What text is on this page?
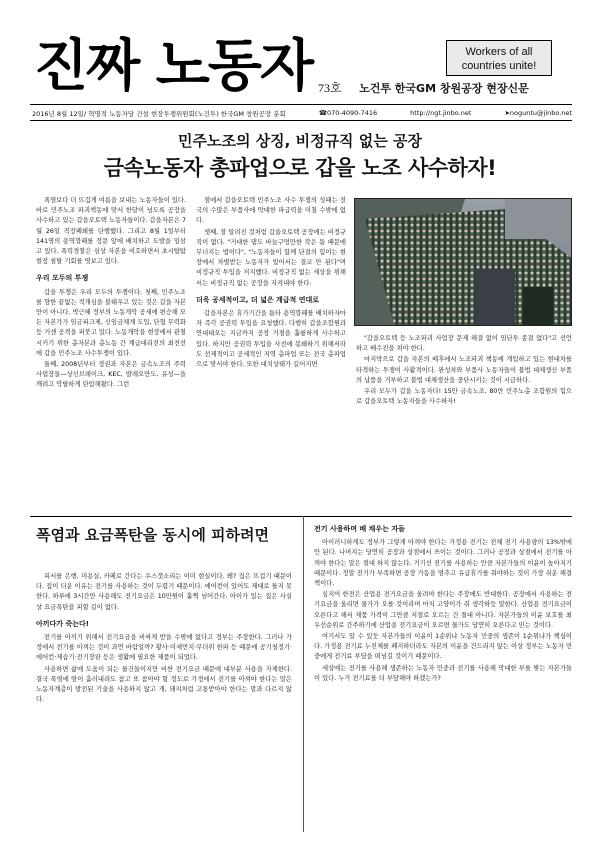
진짜 노동자	Workers of all
countries unite!
73호 노건투 한국GM 창원공장 현장신문
2016년 8월 12일/ 혁명적 노동자당 건설 현장투쟁위원회(노건투) 한국GM 창원공장 분회	☎070-4090-7416	http://ngt.jinbo.net	➤noguntu@jinbo.net
민주노조의 상징, 비정규직 없는 공장
금속노동자 총파업으로 갑을 노조 사수하자!

폭염보다 더 뜨겁게 여름을 보내는 노동자들이 있다. 바로 민주노조 파괴책동에 맞서 한달이 넘도록 공장을 사수하고 있는 갑을오토텍 노동자들이다. 갑을자본은 7월 26일 직장폐쇄를 단행했다. 그리고 8월 1일부터 141명의 용역깡패를 정문 앞에 배치하고 도발을 일삼고 있다. 폭력경찰은 심상 자본을 비호하면서 초시탑탐 현장 침탈 기회를 엿보고 있다.

우리 모두의 투쟁

갑을 투쟁은 우리 모두의 투쟁이다. 첫째, 민주노조를 향한 끝없는 적개심을 불태우고 있는 것은 갑을 자본만이 아니다. 박근혜 정부의 노동개악 공세에 편승해 모든 자본가가 임금피크제, 신임금체계 도입, 단협 무력화 등 거센 공격을 퍼붓고 있다. 노동개악을 현장에서 관철시키기 위한 총자본과 총노동 간 계급대리전의 최전선에 갑을 민주노조 사수투쟁이 있다.

둘째, 2008년부터 정권과 자본은 금속노조의 주력 사업장들—상신브레이크, KEC, 발레오만도, 유성—을 깨려고 악랄하게 탄압해왔다. 그런

점에서 갑을오토텍 민주노조 사수 투쟁의 성패는 전국의 수많은 부품사에 막대한 파급력을 미칠 수밖에 없다.

셋째, 잘 알려진 것처럼 갑을오토텍 공장에는 비정규직이 없다. "거대한 댐도 바늘구멍만한 작은 틈 때문에 무너지는 법이다", "노동자들이 함께 단결의 힘이는 현장에서 차별받는 노동자가 있어서는 결코 안 된다"며 비정규직 투입을 저지했다. 비정규직 없는 세상을 위해서는 비정규직 없는 공장을 지켜내야 한다.

더욱 공세적이고, 더 넓은 계급적 연대로

갑을자본은 휴가기간을 틈타 용역깡패를 배치하자마자 즉각 공권력 투입을 요청했다. 다행히 갑을조합원과 연대대오는 지금까지 공장 거점을 훌륭하게 사수하고 있다. 하지만 공권력 투입을 사전에 봉쇄하기 위해서라도 선제적이고 공세적인 지역 총파업 또는 전국 총파업으로 맞서야 한다. 또한 대치상태가 길어지면

"갑을오토텍 등 노조파괴 사업장 문제 해결 없이 임단투 종결 없다"고 선언하고 배수진을 쳐야 한다.

마지막으로 갑을 자본의 배후에서 노조파괴 책동에 개입하고 있는 현대차를 타격하는 투쟁이 사활적이다. 완성차와 부품사 노동자들이 불법 대체생산 부품의 납품을 거부하고 불법 대체생산을 중단시키는 것이 시급하다.

우리 모두가 갑을 노동자다! 15만 금속노조, 80만 민주노총 조합원의 힘으로 갑을오토텍 노동자들을 사수하자!

폭염과 요금폭탄을 동시에 피하려면

피서를 은행, 미용실, 카페로 간다는 우스갯소리는 이미 현실이다. 왜? 집은 뜨겁기 때문이다. 집이 더운 이유는 전기를 사용하는 것이 두렵기 때문이다. 에어컨이 있어도 제대로 틀지 못한다. 하루에 3시간만 사용해도 전기요금은 10만원이 훌쩍 넘어간다. 아이가 있는 집은 사실상 요금폭탄을 피할 길이 없다.

아끼다가 죽는다!

전기를 아끼기 위해서 전기요금을 비싸게 받을 수밖에 없다고 정부는 주장한다. 그러나 가정에서 전기를 아껴는 것이 과연 바람일까? 황사·미세먼지·무더위 한파 등 때문에 공기청정기·에어컨·제습기·전기장판 등은 생활에 필요한 제품이 되었다.

사용하면 삶에 도움이 되는 물건들이지만 비싼 전기요금 때문에 대부분 사용을 자제한다. 결국 폭염에 땀이 흘러내려도 참고 또 참아야 할 정도로 가정에서 전기를 아껴야 한다는 말은 노동자계층이 발전된 기술을 사용하지 않고 개, 돼지처럼 고통받아야 한다는 말과 다르지 않다.

전기 사용하며 배 채우는 자들

아이러니하게도 정부가 그렇게 아껴야 한다는 가정용 전기는 전체 전기 사용량의 13%밖에 안 된다. 나머지는 당연히 공장과 상점에서 쓰이는 것이다. 그러나 공장과 상점에서 전기를 아껴야 한다는 말은 절대 하지 않는다. 거기선 전기를 사용하는 만큼 자본가들의 이윤이 높아지기 때문이다. 정말 전기가 부족하면 공장 가동을 멈추고 유급휴가를 줘야하는 것이 가장 쉬운 해결책이다.

심지어 한전은 산업용 전기요금을 올려야 한다는 주장에도 반대한다. 공장에서 사용하는 전기요금을 올리면 물가가 오를 것이라며 마치 고양이가 쥐 생각하듯 말한다. 산업용 전기요금이 오른다고 해서 제품 가격이 그만큼 저절로 오르는 건 절대 아니다. 자본가들의 이윤 보호를 최우선순위로 간주하기에 산업용 전기요금이 오르면 물가도 당연히 오른다고 믿는 것이다.

여기서도 알 수 있듯 자본가들의 이윤이 1순위냐 노동자 민중의 생존이 1순위냐가 핵심이다. 가정용 전기료 누진제를 폐지하더라도 자본의 이윤을 건드리지 않는 이상 정부는 노동자 민중에게 전기료 부담을 떠넘길 것이기 때문이다.

세상에는 전기를 사용해 생존하는 노동자 민중과 전기를 사용해 막대한 부를 쌓는 자본가들이 있다. 누가 전기료를 더 부담해야 하겠는가?
